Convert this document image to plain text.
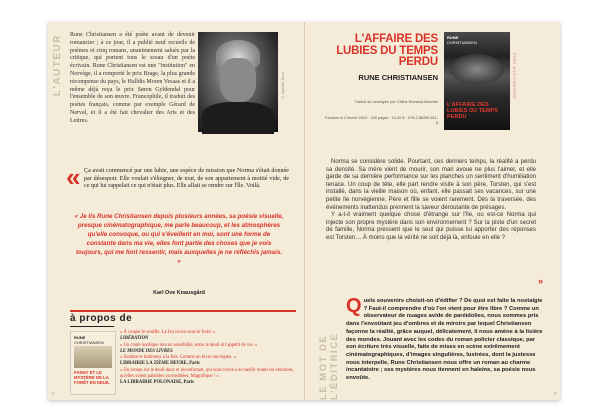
L'AUTEUR Rune Christiansen a été poète avant de devenir romancier ; à ce jour, il a publié neuf recueils de poèmes et cinq romans, unanimement salués par la critique, qui portent tous le sceau d'un poète écrivain. Rune Christiansen est une "institution" en Norvège, il a remporté le prix Brage, la plus grande récompense du pays, le Halldis Moren Vesaas et il a même déjà reçu le prix Søren Gyldendal pour l'ensemble de son œuvre. Francophile, il traduit des poètes français, comme par exemple Gérard de Nerval, et il a été fait chevalier des Arts et des Lettres.
© Agnete Brun
« Ça avait commencé par une lubie, une espèce de mission que Norma s'était donnée par désespoir. Elle voulait s'éloigner, de tout, de son appartement à moitié vide, de ce qui lui rappelait ce qui n'était plus. Elle allait se rendre sur l'île. Voilà.
« Je lis Rune Christiansen depuis plusieurs années, sa poésie visuelle, presque cinématographique, me parle beaucoup, et les atmosphères qu'elle convoque, ou qui s'éveillent en moi, sont une forme de constante dans ma vie, elles font partie des choses que je vois toujours, qui me font ressentir, mais auxquelles je ne réfléchis jamais. »
Karl Ove Knausgård
à propos de
RUNE
CHRISTIANSEN
FANNY ET LE MYSTÈRE DE LA FORÊT EN DEUIL

« À couper le souffle. Le feu couve sous le froid. »

LIBÉRATION

« Un conte nordique tout en sensibilité, entre le deuil et l'appétit de vie. »

LE MONDE DES LIVRES

« Sombre et lumineux à la fois. Comme un hiver norvégien. »

LIBRAIRIE LA 25ÈME HEURE, Paris

« Un roman sur le deuil doux et réconfortant, qui nous invite à accueillir toutes les émotions, qu'elles soient paisibles ou troublées. Magnifique ! »

LA LIBRAIRIE POLONAISE, Paris

2
L'AFFAIRE DES LUBIES DU TEMPS PERDU
RUNE CHRISTIANSEN
Traduit du norvégien par Céline Romand-Monnier
Parution le 2 février 2023 · 240 pages · 21,50 € · 978-2-88250-811-8
RUNE
CHRISTIANSEN
L'AFFAIRE DES LUBIES DU TEMPS PERDU
NOUVEAUTÉ 2023

Norma se considère solide. Pourtant, ces derniers temps, la réalité a perdu sa densité. Sa mère vient de mourir, son mari avoue ne plus l'aimer, et elle garde de sa dernière performance sur les planches un sentiment d'humiliation tenace. Un coup de tête, elle part rendre visite à son père, Torsten, qui s'est installé, dans la vieille maison où, enfant, elle passait ses vacances, sur une petite île norvégienne. Père et fille se voient rarement. Dès la traversée, des événements inattendus prennent la saveur déroutante de présages.

Y a-t-il vraiment quelque chose d'étrange sur l'île, ou est-ce Norma qui injecte son propre mystère dans son environnement ? Sur la piste d'un secret de famille, Norma pressent que le seul qui puisse lui apporter des réponses est Torsten… À moins que la vérité ne soit déjà là, enfouie en elle ?

»
LE MOT DE L'ÉDITRICE
Q uels souvenirs choisit-on d'édifier ? De quoi est faite la nostalgie ? Faut-il comprendre d'où l'on vient pour être libre ? Comme un observateur de nuages avide de paréidolies, nous sommes pris dans l'envoûtant jeu d'ombres et de miroirs par lequel Christiansen façonne la réalité, grâce auquel, délicatement, il nous amène à la lisière des mondes. Jouant avec les codes du roman policier classique, par son écriture très visuelle, faite de mises en scène extrêmement cinématographiques, d'images singulières, lustrées, dont la justesse nous interpelle, Rune Christiansen nous offre un roman au charme incantatoire ; ses mystères nous tiennent en haleine, sa poésie nous envoûte.

3
